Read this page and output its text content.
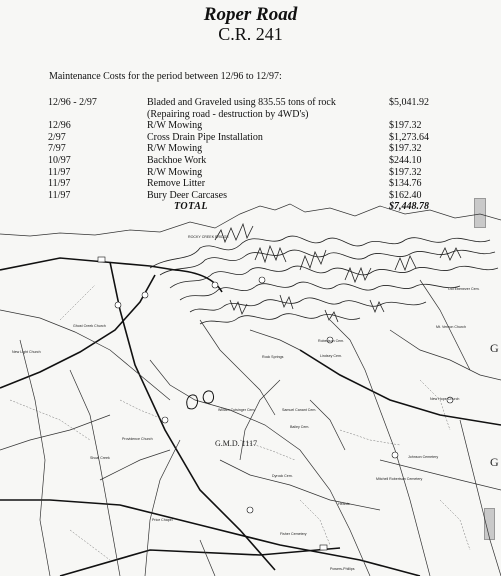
Roper Road
C.R. 241
Maintenance Costs for the period between 12/96 to 12/97:
12/96 - 2/97	Bladed and Graveled using 835.55 tons of rock	$5,041.92
(Repairing road - destruction by 4WD's)
12/96	R/W Mowing	$197.32
2/97	Cross Drain Pipe Installation	$1,273.64
7/97	R/W Mowing	$197.32
10/97	Backhoe Work	$244.10
11/97	R/W Mowing	$197.32
11/97	Remove Litter	$134.76
11/97	Bury Deer Carcases	$162.40
TOTAL	$7,448.78
Ghost Creek Church
New Light Church
Providence Church
Shoal Creek
William Cutsinger Cem.
Lindsey Cem.
Samuel Canant Cem.
Bailey Cem.
Johnson Cemetery
Mitchell Robertson Cemetery
Dyrock Cem.
Mt. Vernon Church
New Hope Church
Price Chapel
Fisher Cemetery
Heards
Powers-Phillips
Rock Springs
Robertson Cem.
Old Ebenezer Cem.
ROCKY CREEK BRIDGE
G.M.D. 1117
G
G
